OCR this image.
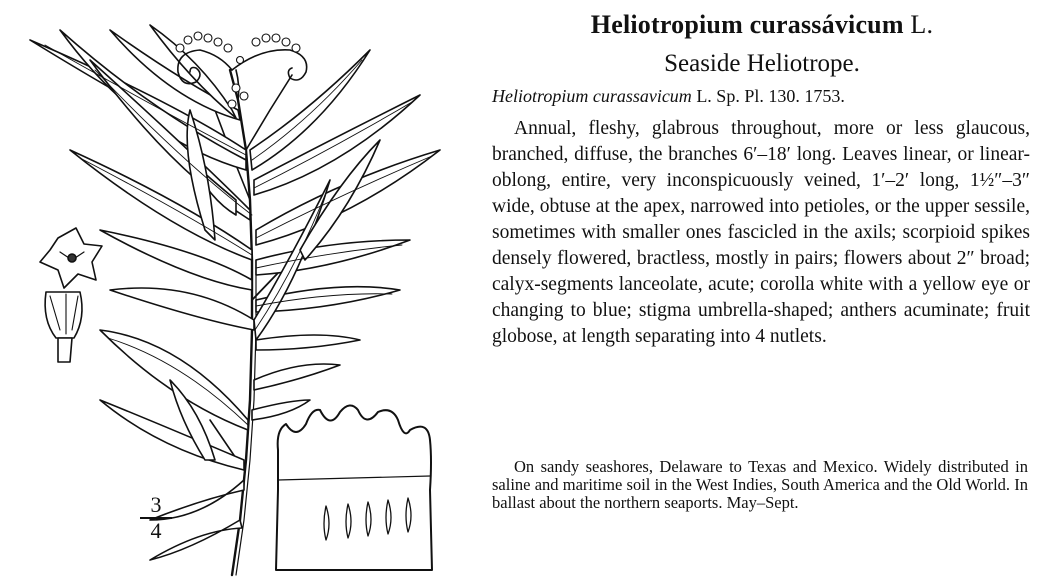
3
4
Heliotropium curassávicum L.
Seaside Heliotrope.
Heliotropium curassavicum L. Sp. Pl. 130. 1753.

Annual, fleshy, glabrous throughout, more or less glaucous, branched, diffuse, the branches 6′–18′ long. Leaves linear, or linear-oblong, entire, very inconspicuously veined, 1′–2′ long, 1½″–3″ wide, obtuse at the apex, narrowed into petioles, or the upper sessile, sometimes with smaller ones fascicled in the axils; scorpioid spikes densely flowered, bractless, mostly in pairs; flowers about 2″ broad; calyx-segments lanceolate, acute; corolla white with a yellow eye or changing to blue; stigma umbrella-shaped; anthers acuminate; fruit globose, at length separating into 4 nutlets.

On sandy seashores, Delaware to Texas and Mexico. Widely distributed in saline and maritime soil in the West Indies, South America and the Old World. In ballast about the northern seaports. May–Sept.
